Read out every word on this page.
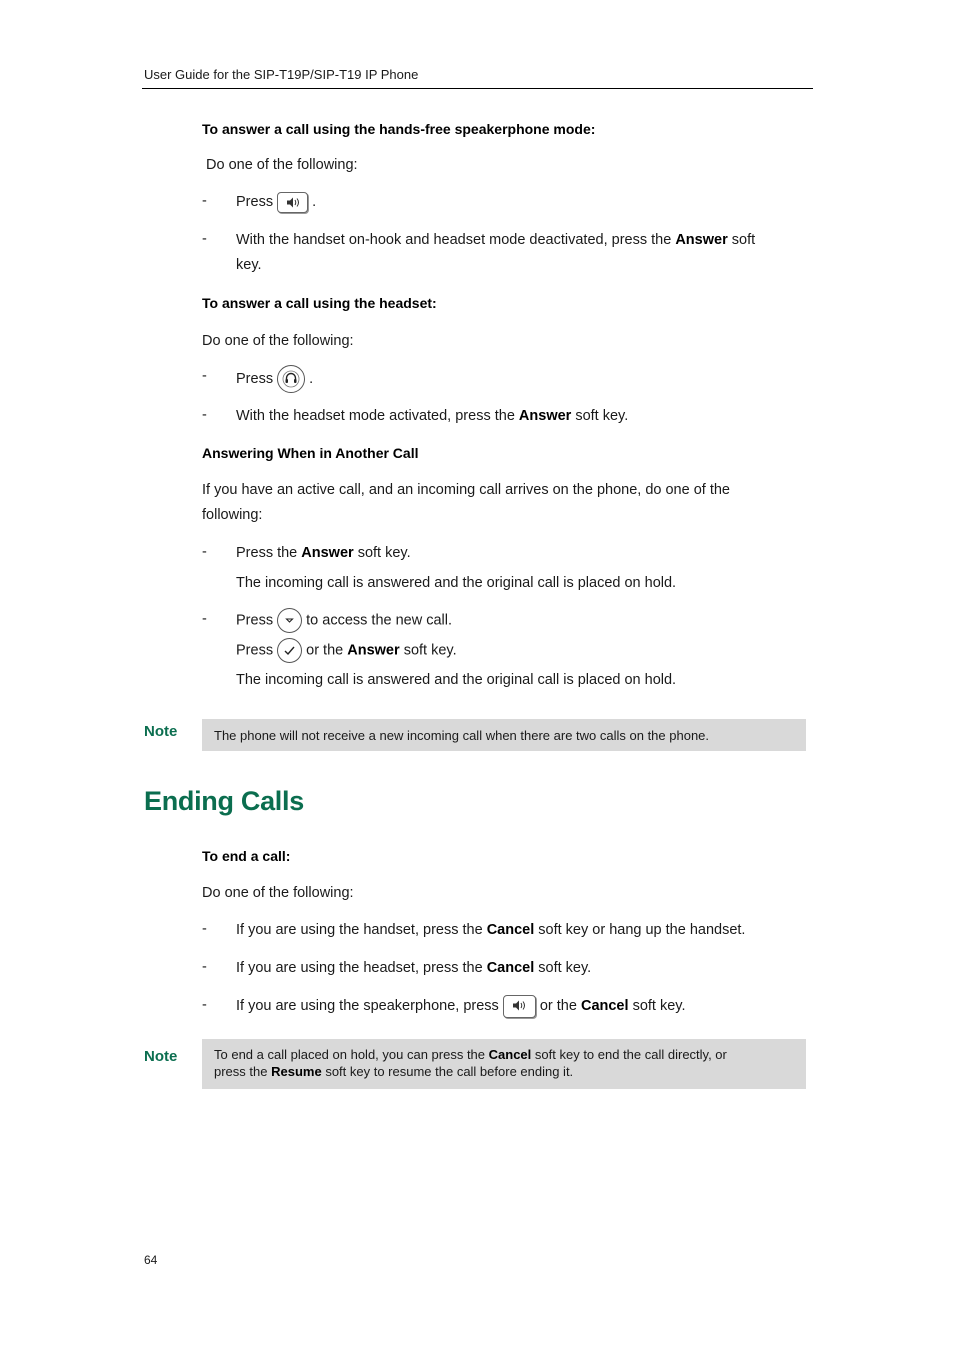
User Guide for the SIP-T19P/SIP-T19 IP Phone
To answer a call using the hands-free speakerphone mode:
Do one of the following:
- Press	.
- With the handset on-hook and headset mode deactivated, press the Answer soft
key.
To answer a call using the headset:
Do one of the following:
- Press .
- With the headset mode activated, press the Answer soft key.
Answering When in Another Call
If you have an active call, and an incoming call arrives on the phone, do one of the
following:
- Press the Answer soft key.
The incoming call is answered and the original call is placed on hold.
- Press to access the new call.
Press or the Answer soft key.
The incoming call is answered and the original call is placed on hold.
Note	The phone will not receive a new incoming call when there are two calls on the phone.
Ending Calls
To end a call:
Do one of the following:
- If you are using the handset, press the Cancel soft key or hang up the handset.
- If you are using the headset, press the Cancel soft key.
- If you are using the speakerphone, press	or the Cancel soft key.
Note	To end a call placed on hold, you can press the Cancel soft key to end the call directly, or
press the Resume soft key to resume the call before ending it.
64
